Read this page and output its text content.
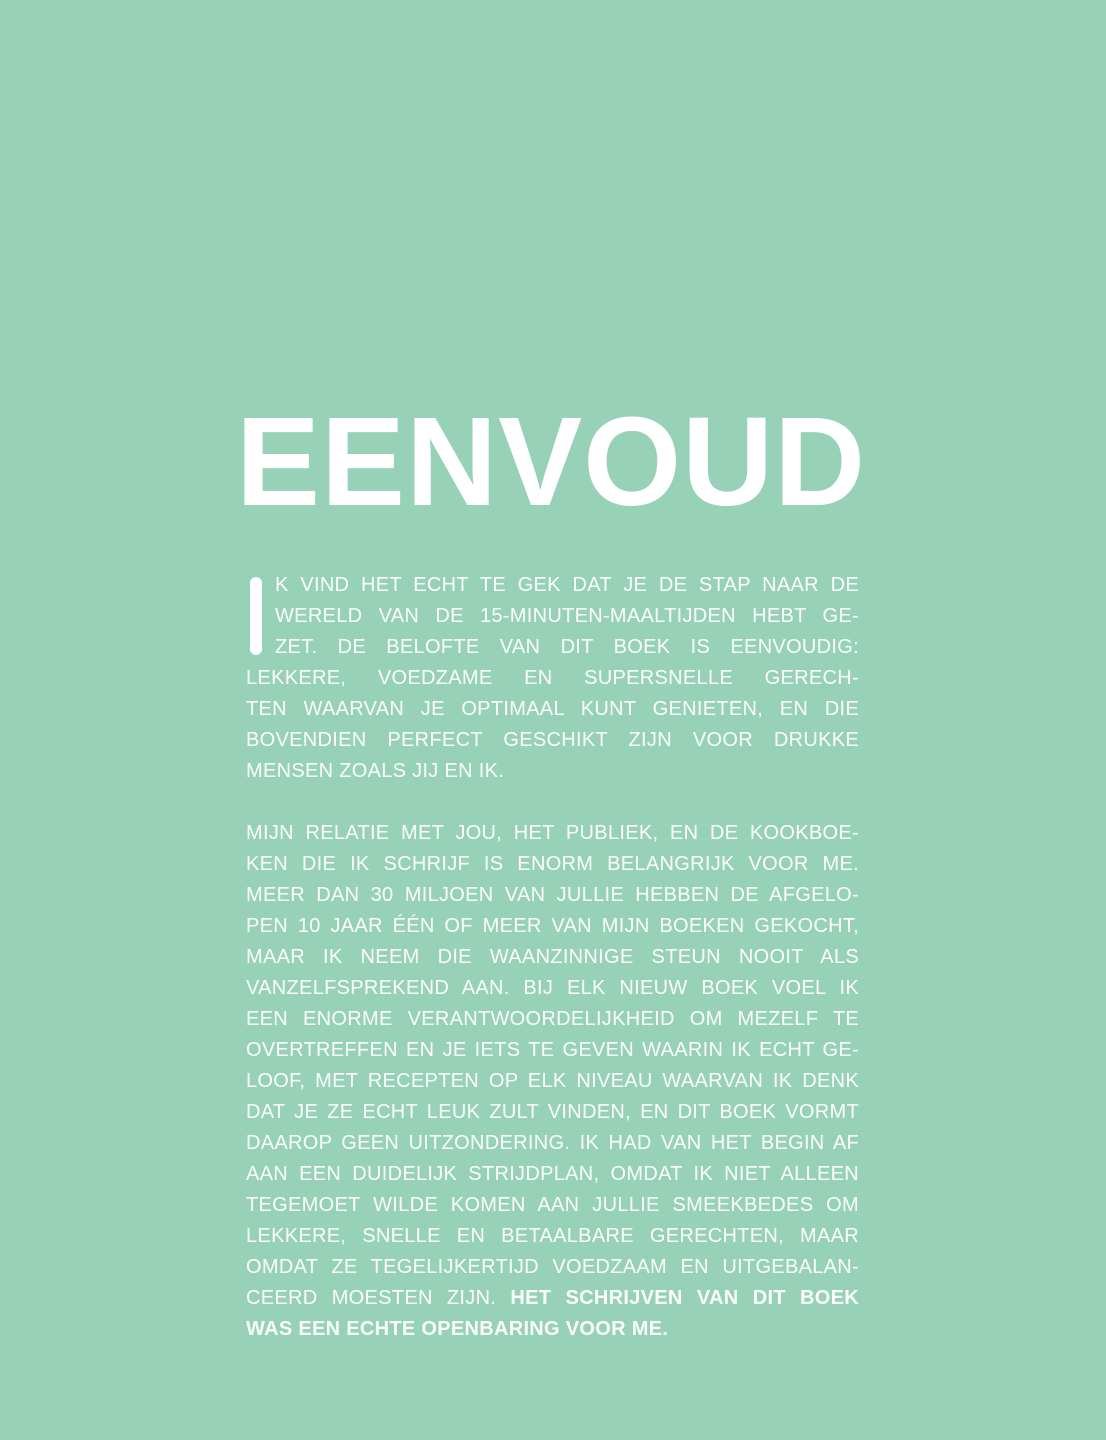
EENVOUD
K VIND HET ECHT TE GEK DAT JE DE STAP NAAR DE
WERELD VAN DE 15-MINUTEN-MAALTIJDEN HEBT GE-
ZET. DE BELOFTE VAN DIT BOEK IS EENVOUDIG:
LEKKERE, VOEDZAME EN SUPERSNELLE GERECH-
TEN WAARVAN JE OPTIMAAL KUNT GENIETEN, EN DIE
BOVENDIEN PERFECT GESCHIKT ZIJN VOOR DRUKKE
MENSEN ZOALS JIJ EN IK.
MIJN RELATIE MET JOU, HET PUBLIEK, EN DE KOOKBOE-
KEN DIE IK SCHRIJF IS ENORM BELANGRIJK VOOR ME.
MEER DAN 30 MILJOEN VAN JULLIE HEBBEN DE AFGELO-
PEN 10 JAAR ÉÉN OF MEER VAN MIJN BOEKEN GEKOCHT,
MAAR IK NEEM DIE WAANZINNIGE STEUN NOOIT ALS
VANZELFSPREKEND AAN. BIJ ELK NIEUW BOEK VOEL IK
EEN ENORME VERANTWOORDELIJKHEID OM MEZELF TE
OVERTREFFEN EN JE IETS TE GEVEN WAARIN IK ECHT GE-
LOOF, MET RECEPTEN OP ELK NIVEAU WAARVAN IK DENK
DAT JE ZE ECHT LEUK ZULT VINDEN, EN DIT BOEK VORMT
DAAROP GEEN UITZONDERING. IK HAD VAN HET BEGIN AF
AAN EEN DUIDELIJK STRIJDPLAN, OMDAT IK NIET ALLEEN
TEGEMOET WILDE KOMEN AAN JULLIE SMEEKBEDES OM
LEKKERE, SNELLE EN BETAALBARE GERECHTEN, MAAR
OMDAT ZE TEGELIJKERTIJD VOEDZAAM EN UITGEBALAN-
CEERD MOESTEN ZIJN. HET SCHRIJVEN VAN DIT BOEK
WAS EEN ECHTE OPENBARING VOOR ME.
